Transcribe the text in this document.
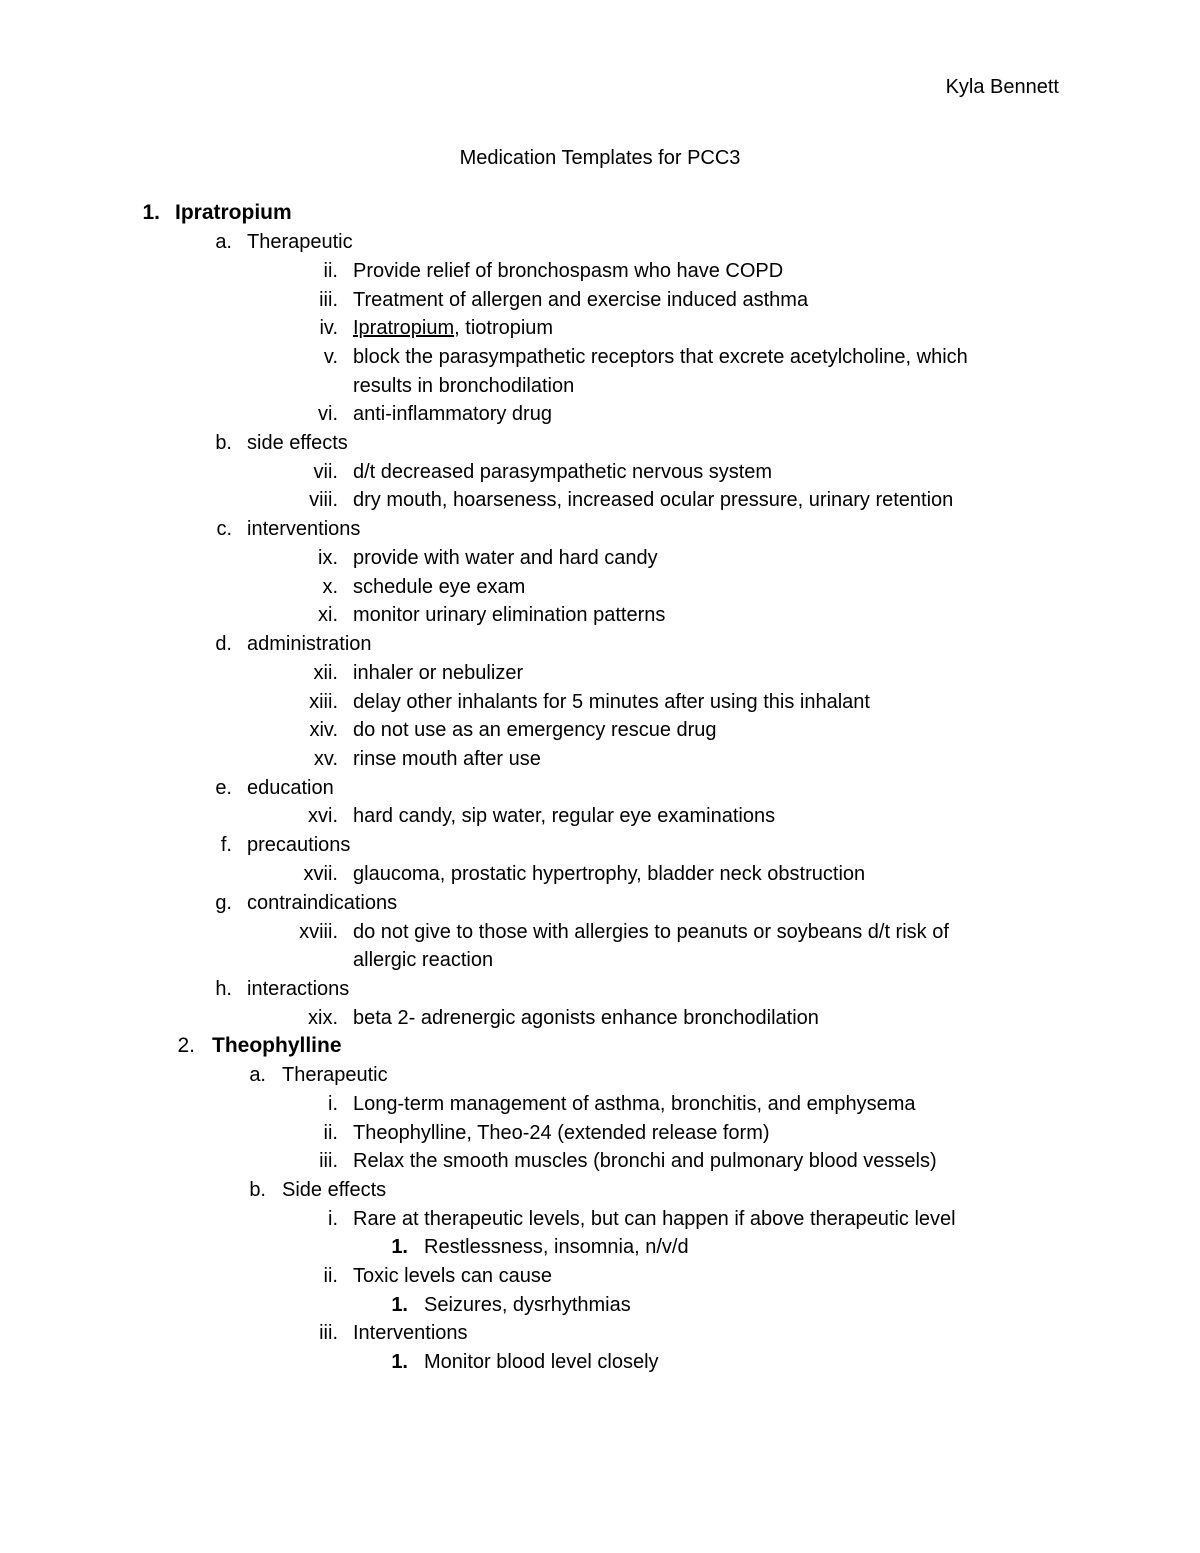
Kyla Bennett
Medication Templates for PCC3
1. Ipratropium
a. Therapeutic
ii. Provide relief of bronchospasm who have COPD
iii. Treatment of allergen and exercise induced asthma
iv. Ipratropium, tiotropium
v. block the parasympathetic receptors that excrete acetylcholine, which
results in bronchodilation
vi. anti-inflammatory drug
b. side effects
vii. d/t decreased parasympathetic nervous system
viii. dry mouth, hoarseness, increased ocular pressure, urinary retention
c. interventions
ix. provide with water and hard candy
x. schedule eye exam
xi. monitor urinary elimination patterns
d. administration
xii. inhaler or nebulizer
xiii. delay other inhalants for 5 minutes after using this inhalant
xiv. do not use as an emergency rescue drug
xv. rinse mouth after use
e. education
xvi. hard candy, sip water, regular eye examinations
f. precautions
xvii. glaucoma, prostatic hypertrophy, bladder neck obstruction
g. contraindications
xviii. do not give to those with allergies to peanuts or soybeans d/t risk of
allergic reaction
h. interactions
xix. beta 2- adrenergic agonists enhance bronchodilation
2. Theophylline
a. Therapeutic
i. Long-term management of asthma, bronchitis, and emphysema
ii. Theophylline, Theo-24 (extended release form)
iii. Relax the smooth muscles (bronchi and pulmonary blood vessels)
b. Side effects
i. Rare at therapeutic levels, but can happen if above therapeutic level
1. Restlessness, insomnia, n/v/d
ii. Toxic levels can cause
1. Seizures, dysrhythmias
iii. Interventions
1. Monitor blood level closely
